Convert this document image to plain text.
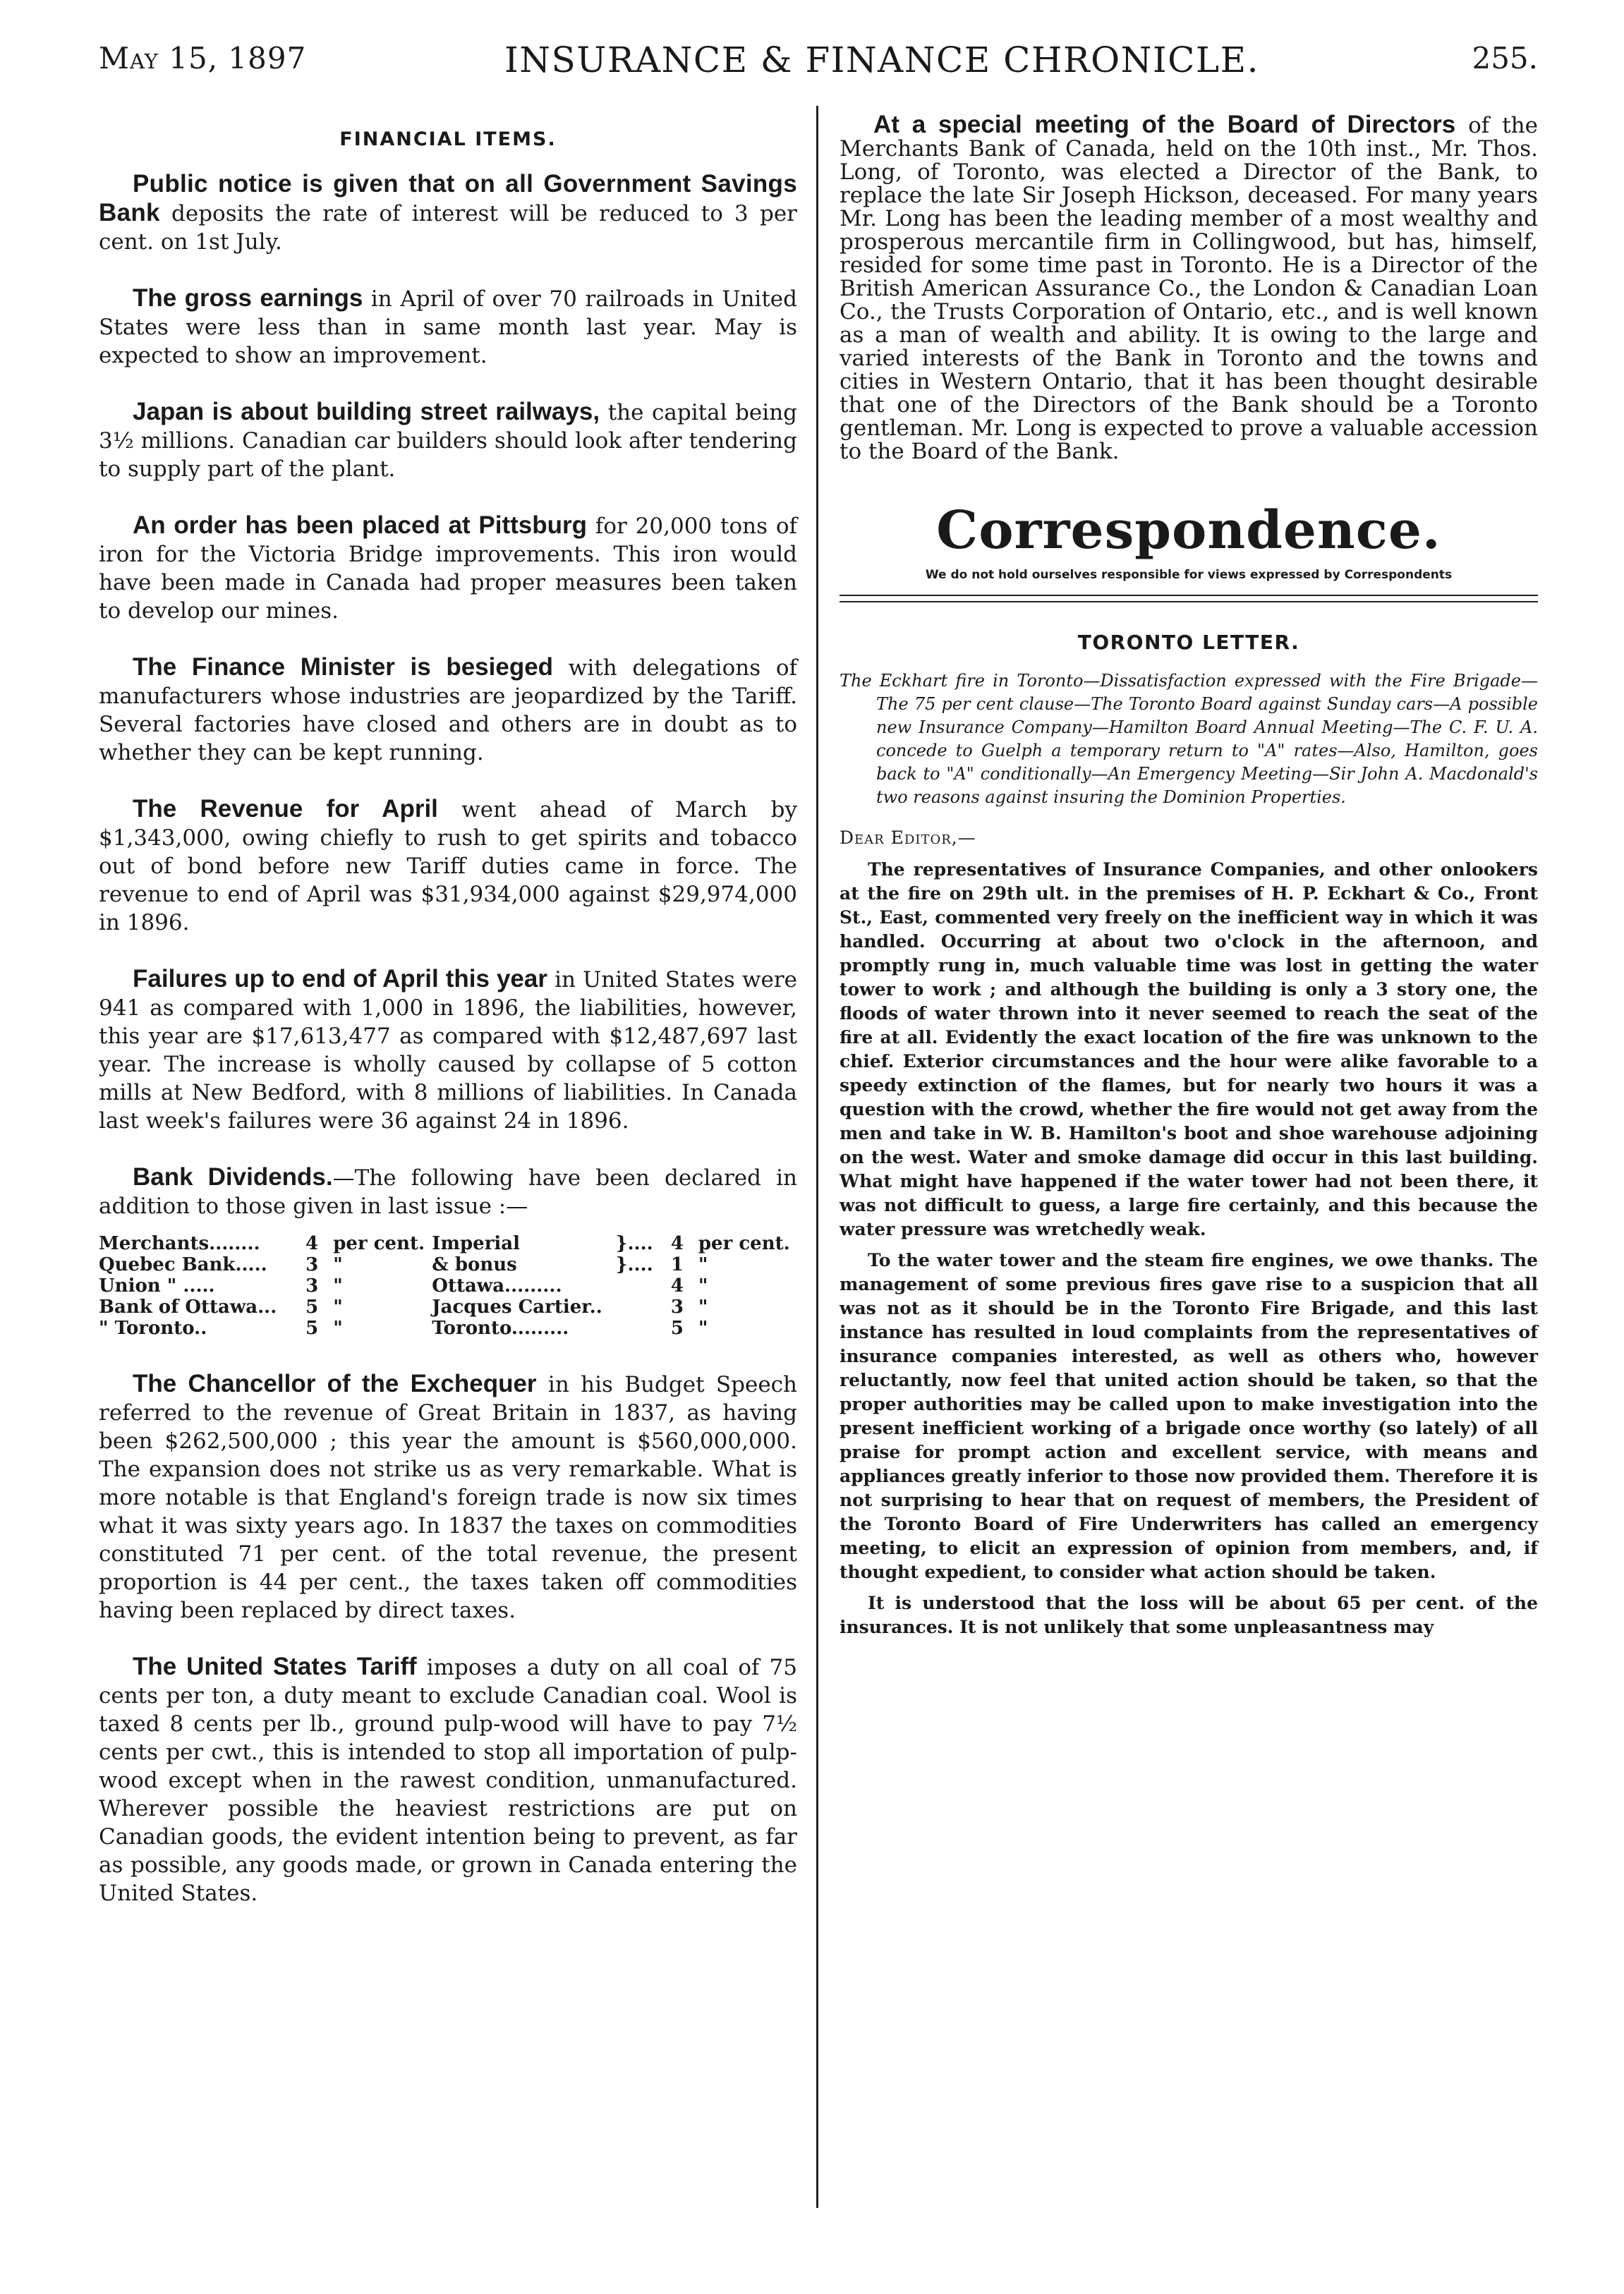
May 15, 1897	INSURANCE & FINANCE CHRONICLE.	255.
FINANCIAL ITEMS.

Public notice is given that on all Government Savings Bank deposits the rate of interest will be reduced to 3 per cent. on 1st July.

The gross earnings in April of over 70 railroads in United States were less than in same month last year. May is expected to show an improvement.

Japan is about building street railways, the capital being 3½ millions. Canadian car builders should look after tendering to supply part of the plant.

An order has been placed at Pittsburg for 20,000 tons of iron for the Victoria Bridge improvements. This iron would have been made in Canada had proper measures been taken to develop our mines.

The Finance Minister is besieged with delegations of manufacturers whose industries are jeopardized by the Tariff. Several factories have closed and others are in doubt as to whether they can be kept running.

The Revenue for April went ahead of March by $1,343,000, owing chiefly to rush to get spirits and tobacco out of bond before new Tariff duties came in force. The revenue to end of April was $31,934,000 against $29,974,000 in 1896.

Failures up to end of April this year in United States were 941 as compared with 1,000 in 1896, the liabilities, however, this year are $17,613,477 as compared with $12,487,697 last year. The increase is wholly caused by collapse of 5 cotton mills at New Bedford, with 8 millions of liabilities. In Canada last week's failures were 36 against 24 in 1896.

Bank Dividends.—The following have been declared in addition to those given in last issue :—

Merchants........	4	per cent.	Imperial	}....	4	per cent.
Quebec Bank.....	3	"	& bonus	}....	1	"
Union " .....	3	"	Ottawa.........		4	"
Bank of Ottawa...	5	"	Jacques Cartier..		3	"
" Toronto..	5	"	Toronto.........		5	"

The Chancellor of the Exchequer in his Budget Speech referred to the revenue of Great Britain in 1837, as having been $262,500,000 ; this year the amount is $560,000,000. The expansion does not strike us as very remarkable. What is more notable is that England's foreign trade is now six times what it was sixty years ago. In 1837 the taxes on commodities constituted 71 per cent. of the total revenue, the present proportion is 44 per cent., the taxes taken off commodities having been replaced by direct taxes.

The United States Tariff imposes a duty on all coal of 75 cents per ton, a duty meant to exclude Canadian coal. Wool is taxed 8 cents per lb., ground pulp-wood will have to pay 7½ cents per cwt., this is intended to stop all importation of pulp-wood except when in the rawest condition, unmanufactured. Wherever possible the heaviest restrictions are put on Canadian goods, the evident intention being to prevent, as far as possible, any goods made, or grown in Canada entering the United States.

At a special meeting of the Board of Directors of the Merchants Bank of Canada, held on the 10th inst., Mr. Thos. Long, of Toronto, was elected a Director of the Bank, to replace the late Sir Joseph Hickson, deceased. For many years Mr. Long has been the leading member of a most wealthy and prosperous mercantile firm in Collingwood, but has, himself, resided for some time past in Toronto. He is a Director of the British American Assurance Co., the London & Canadian Loan Co., the Trusts Corporation of Ontario, etc., and is well known as a man of wealth and ability. It is owing to the large and varied interests of the Bank in Toronto and the towns and cities in Western Ontario, that it has been thought desirable that one of the Directors of the Bank should be a Toronto gentleman. Mr. Long is expected to prove a valuable accession to the Board of the Bank.

Correspondence.
We do not hold ourselves responsible for views expressed by Correspondents
TORONTO LETTER.

The Eckhart fire in Toronto—Dissatisfaction expressed with the Fire Brigade—The 75 per cent clause—The Toronto Board against Sunday cars—A possible new Insurance Company—Hamilton Board Annual Meeting—The C. F. U. A. concede to Guelph a temporary return to "A" rates—Also, Hamilton, goes back to "A" conditionally—An Emergency Meeting—Sir John A. Macdonald's two reasons against insuring the Dominion Properties.

Dear Editor,—

The representatives of Insurance Companies, and other onlookers at the fire on 29th ult. in the premises of H. P. Eckhart & Co., Front St., East, commented very freely on the inefficient way in which it was handled. Occurring at about two o'clock in the afternoon, and promptly rung in, much valuable time was lost in getting the water tower to work ; and although the building is only a 3 story one, the floods of water thrown into it never seemed to reach the seat of the fire at all. Evidently the exact location of the fire was unknown to the chief. Exterior circumstances and the hour were alike favorable to a speedy extinction of the flames, but for nearly two hours it was a question with the crowd, whether the fire would not get away from the men and take in W. B. Hamilton's boot and shoe warehouse adjoining on the west. Water and smoke damage did occur in this last building. What might have happened if the water tower had not been there, it was not difficult to guess, a large fire certainly, and this because the water pressure was wretchedly weak.

To the water tower and the steam fire engines, we owe thanks. The management of some previous fires gave rise to a suspicion that all was not as it should be in the Toronto Fire Brigade, and this last instance has resulted in loud complaints from the representatives of insurance companies interested, as well as others who, however reluctantly, now feel that united action should be taken, so that the proper authorities may be called upon to make investigation into the present inefficient working of a brigade once worthy (so lately) of all praise for prompt action and excellent service, with means and appliances greatly inferior to those now provided them. Therefore it is not surprising to hear that on request of members, the President of the Toronto Board of Fire Underwriters has called an emergency meeting, to elicit an expression of opinion from members, and, if thought expedient, to consider what action should be taken.

It is understood that the loss will be about 65 per cent. of the insurances. It is not unlikely that some unpleasantness may
